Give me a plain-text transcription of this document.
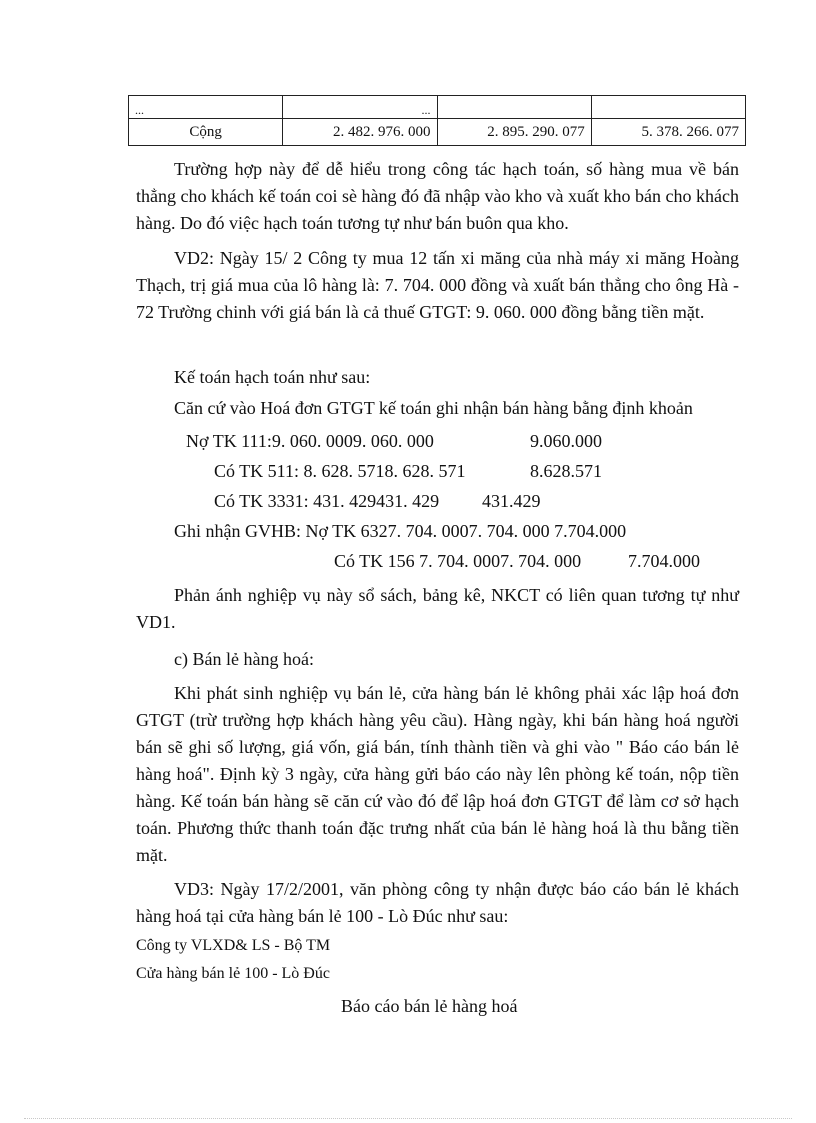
...	...		
Cộng	2. 482. 976. 000	2. 895. 290. 077	5. 378. 266. 077
Trường hợp này để dễ hiểu trong công tác hạch toán, số hàng mua về bán thẳng cho khách kế toán coi sè hàng đó đã nhập vào kho và xuất kho bán cho khách hàng. Do đó việc hạch toán tương tự như bán buôn qua kho.
VD2: Ngày 15/ 2 Công ty mua 12 tấn xi măng của nhà máy xi măng Hoàng Thạch, trị giá mua của lô hàng là: 7. 704. 000 đồng và xuất bán thẳng cho ông Hà - 72 Trường chinh với giá bán là cả thuế GTGT: 9. 060. 000 đồng bằng tiền mặt.
Kế toán hạch toán như sau:
Căn cứ vào Hoá đơn GTGT kế toán ghi nhận bán hàng bằng định khoản
Nợ TK 111:9. 060. 0009. 060. 000	9.060.000
Có TK 511: 8. 628. 5718. 628. 571	8.628.571
Có TK 3331: 431. 429431. 429 431.429
Ghi nhận GVHB: Nợ TK 6327. 704. 0007. 704. 000 7.704.000
Có TK 156 7. 704. 0007. 704. 000	7.704.000
Phản ánh nghiệp vụ này sổ sách, bảng kê, NKCT có liên quan tương tự như VD1.
c) Bán lẻ hàng hoá:
Khi phát sinh nghiệp vụ bán lẻ, cửa hàng bán lẻ không phải xác lập hoá đơn GTGT (trừ trường hợp khách hàng yêu cầu). Hàng ngày, khi bán hàng hoá người bán sẽ ghi số lượng, giá vốn, giá bán, tính thành tiền và ghi vào " Báo cáo bán lẻ hàng hoá". Định kỳ 3 ngày, cửa hàng gửi báo cáo này lên phòng kế toán, nộp tiền hàng. Kế toán bán hàng sẽ căn cứ vào đó để lập hoá đơn GTGT để làm cơ sở hạch toán. Phương thức thanh toán đặc trưng nhất của bán lẻ hàng hoá là thu bằng tiền mặt.
VD3: Ngày 17/2/2001, văn phòng công ty nhận được báo cáo bán lẻ khách hàng hoá tại cửa hàng bán lẻ 100 - Lò Đúc như sau:
Công ty VLXD& LS - Bộ TM
Cửa hàng bán lẻ 100 - Lò Đúc
Báo cáo bán lẻ hàng hoá
